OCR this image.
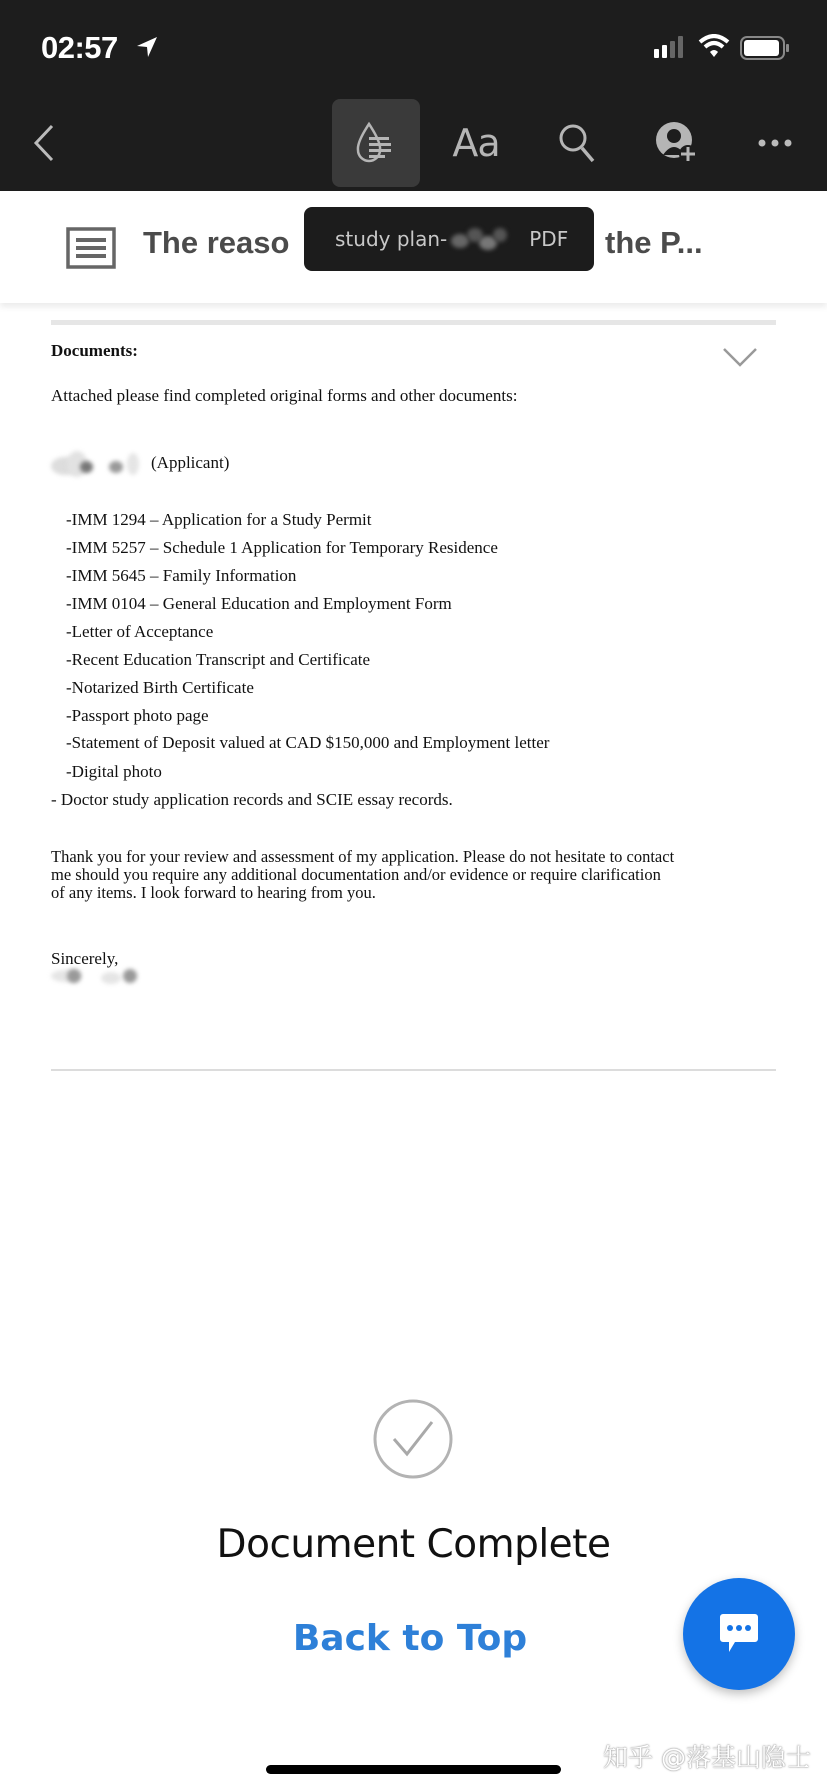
02:57
Aa
The reaso	the P...
study plan-	PDF
Documents:
Attached please find completed original forms and other documents:
(Applicant)
-IMM 1294 – Application for a Study Permit
-IMM 5257 – Schedule 1 Application for Temporary Residence
-IMM 5645 – Family Information
-IMM 0104 – General Education and Employment Form
-Letter of Acceptance
-Recent Education Transcript and Certificate
-Notarized Birth Certificate
-Passport photo page
-Statement of Deposit valued at CAD $150,000 and Employment letter
-Digital photo
- Doctor study application records and SCIE essay records.
Thank you for your review and assessment of my application. Please do not hesitate to contact
me should you require any additional documentation and/or evidence or require clarification
of any items. I look forward to hearing from you.
Sincerely,
Document Complete
Back to Top
知乎 @落基山隐士
